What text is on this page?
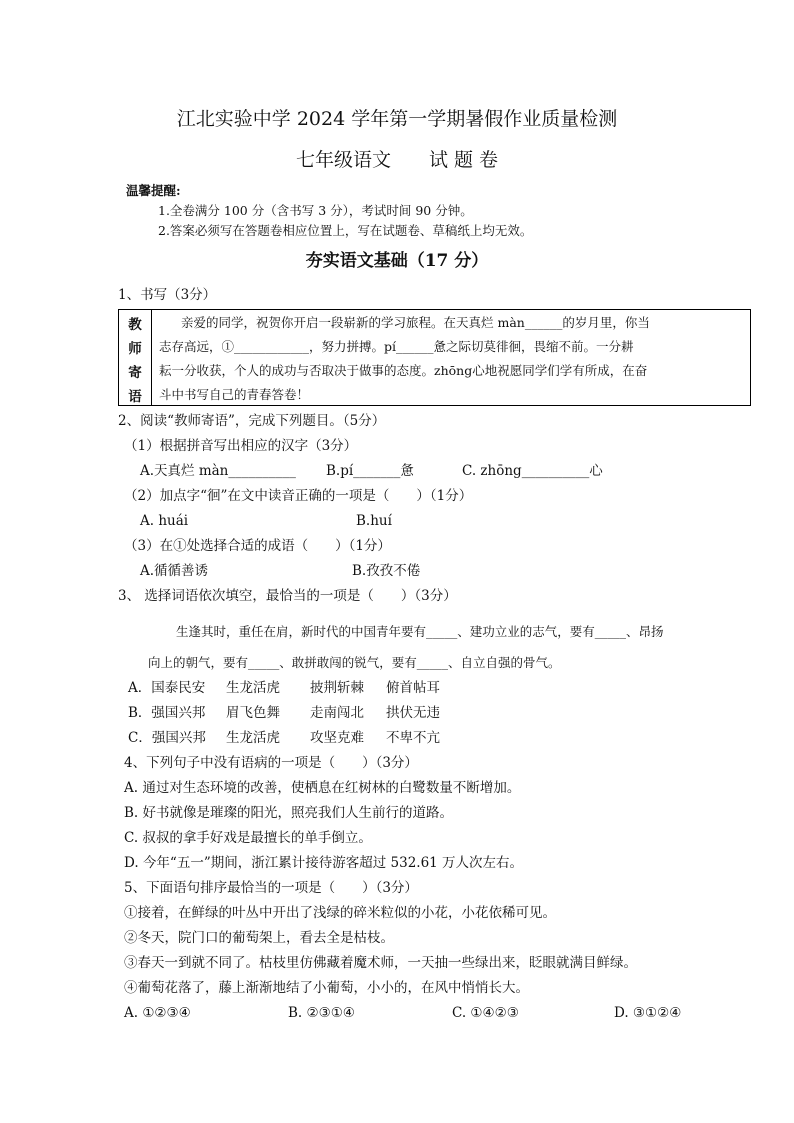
江北实验中学 2024 学年第一学期暑假作业质量检测
七年级语文　　试 题 卷
温馨提醒:
1.全卷满分 100 分（含书写 3 分），考试时间 90 分钟。
2.答案必须写在答题卷相应位置上，写在试题卷、草稿纸上均无效。
夯实语文基础（17 分）
1、书写（3分）
教
师
寄
语
亲爱的同学，祝贺你开启一段崭新的学习旅程。在天真烂 màn______的岁月里，你当
志存高远，①____________，努力拼搏。pí______惫之际切莫徘徊，畏缩不前。一分耕
耘一分收获，个人的成功与否取决于做事的态度。zhōng心地祝愿同学们学有所成，在奋
斗中书写自己的青春答卷！
2、阅读“教师寄语”，完成下列题目。（5分）
（1）根据拼音写出相应的汉字（3分）
A.天真烂 màn__________ B.pí_______惫	C. zhōng__________心
（2）加点字“徊”在文中读音正确的一项是（　　）（1分）
A. huái	B.huí
（3）在①处选择合适的成语（　　）（1分）
A.循循善诱	B.孜孜不倦
3、 选择词语依次填空，最恰当的一项是（　　）（3分）
生逢其时，重任在肩，新时代的中国青年要有_____、建功立业的志气，要有_____、昂扬
向上的朝气，要有_____、敢拼敢闯的锐气，要有_____、自立自强的骨气。
A．国泰民安 生龙活虎 披荆斩棘 俯首帖耳
B．强国兴邦 眉飞色舞 走南闯北 拱伏无违
C．强国兴邦 生龙活虎 攻坚克难 不卑不亢
4、下列句子中没有语病的一项是（　　）（3分）
A. 通过对生态环境的改善，使栖息在红树林的白鹭数量不断增加。
B. 好书就像是璀璨的阳光，照亮我们人生前行的道路。
C. 叔叔的拿手好戏是最擅长的单手倒立。
D. 今年“五一”期间，浙江累计接待游客超过 532.61 万人次左右。
5、下面语句排序最恰当的一项是（　　）（3分）
①接着，在鲜绿的叶丛中开出了浅绿的碎米粒似的小花，小花依稀可见。
②冬天，院门口的葡萄架上，看去全是枯枝。
③春天一到就不同了。枯枝里仿佛藏着魔术师，一天抽一些绿出来，眨眼就满目鲜绿。
④葡萄花落了，藤上渐渐地结了小葡萄，小小的，在风中悄悄长大。
A. ①②③④	B. ②③①④	C. ①④②③	D. ③①②④
